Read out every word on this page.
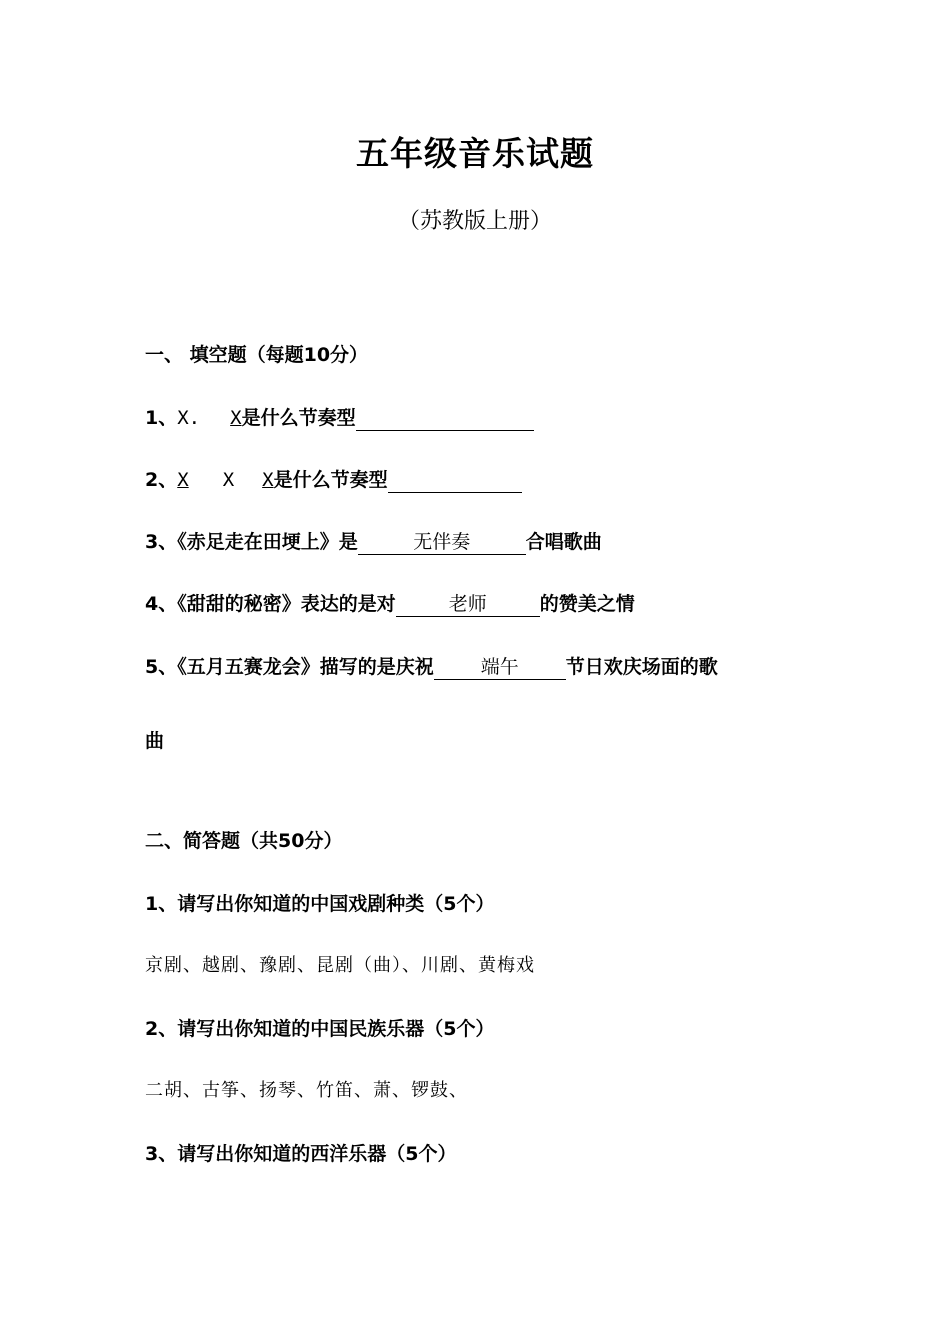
五年级音乐试题
（苏教版上册）
一、 填空题（每题10分）
1、X. X是什么节奏型
2、X X X是什么节奏型
3、《赤足走在田埂上》是	无伴奏	合唱歌曲
4、《甜甜的秘密》表达的是对	老师	的赞美之情
5、《五月五赛龙会》描写的是庆祝 端午 节日欢庆场面的歌
曲
二、简答题（共50分）
1、请写出你知道的中国戏剧种类（5个）
京剧、越剧、豫剧、昆剧（曲）、川剧、黄梅戏
2、请写出你知道的中国民族乐器（5个）
二胡、古筝、扬琴、竹笛、萧、锣鼓、
3、请写出你知道的西洋乐器（5个）
